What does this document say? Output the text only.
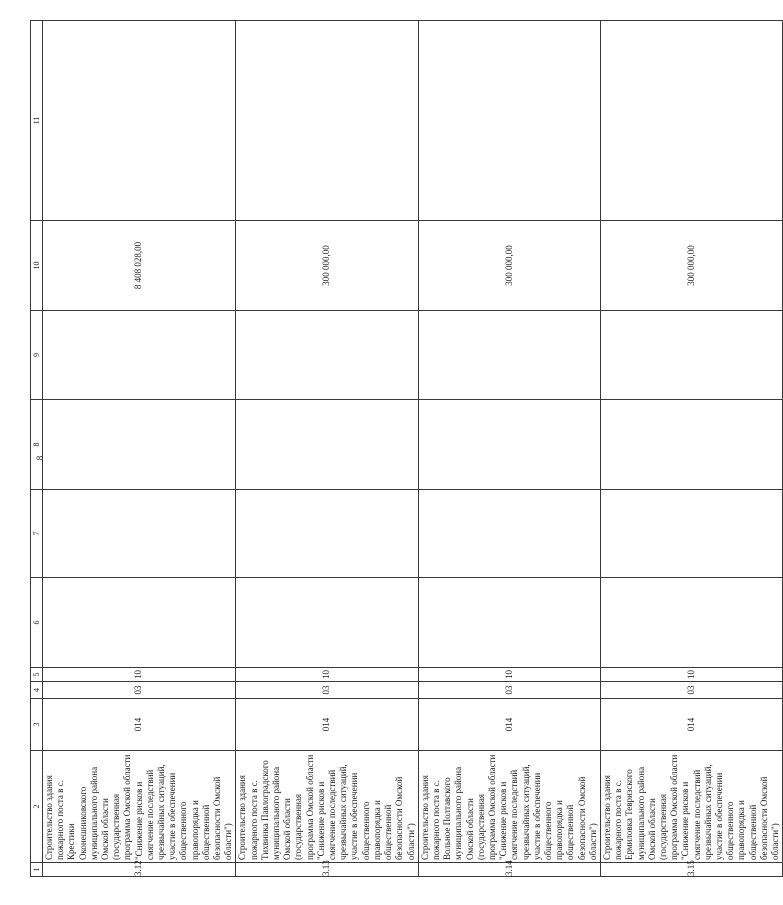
8
1	2	3	4	5	6	7	8	9	10	11
3.12	Строительство здания пожарного поста в с. Крестики Оконешниковского муниципального района Омской области (государственная программа Омской области "Снижение рисков и смягчение последствий чрезвычайных ситуаций, участие в обеспечении общественного правопорядка и общественной безопасности Омской области")	014	03	10					8 408 028,00	
3.13	Строительство здания пожарного поста в с. Тихвинка Павлоградского муниципального района Омской области (государственная программа Омской области "Снижение рисков и смягчение последствий чрезвычайных ситуаций, участие в обеспечении общественного правопорядка и общественной безопасности Омской области")	014	03	10					300 000,00	
3.14	Строительство здания пожарного поста в с. Вольное Полтавского муниципального района Омской области (государственная программа Омской области "Снижение рисков и смягчение последствий чрезвычайных ситуаций, участие в обеспечении общественного правопорядка и общественной безопасности Омской области")	014	03	10					300 000,00	
3.15	Строительство здания пожарного поста в с. Ермиловка Тевризского муниципального района Омской области (государственная программа Омской области "Снижение рисков и смягчение последствий чрезвычайных ситуаций, участие в обеспечении общественного правопорядка и общественной безопасности Омской области")	014	03	10					300 000,00	
